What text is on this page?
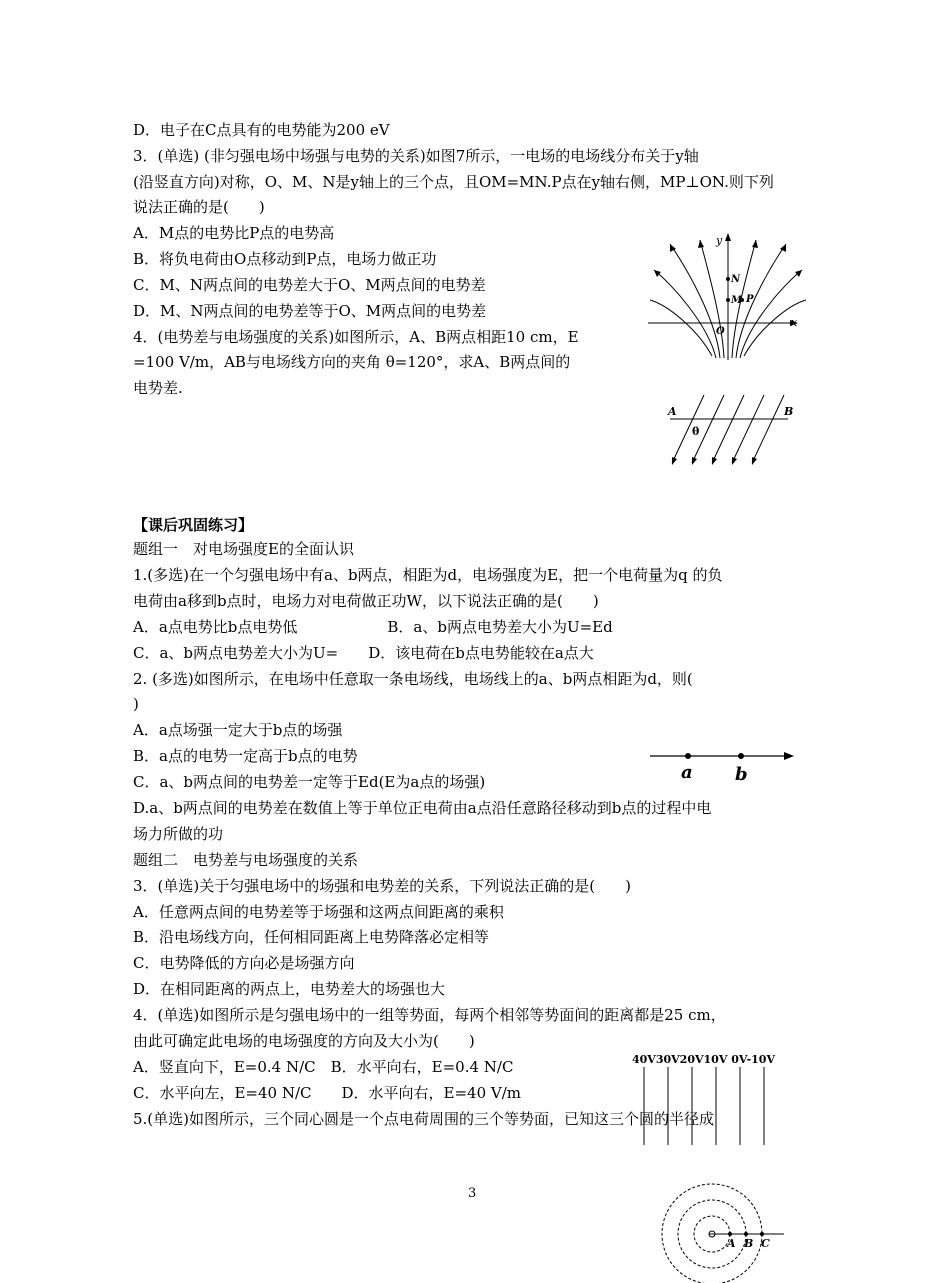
D．电子在C点具有的电势能为200 eV
3．(单选) (非匀强电场中场强与电势的关系)如图7所示，一电场的电场线分布关于y轴
(沿竖直方向)对称，O、M、N是y轴上的三个点，且OM=MN.P点在y轴右侧，MP⊥ON.则下列
说法正确的是(　　)
A．M点的电势比P点的电势高
B．将负电荷由O点移动到P点，电场力做正功
C．M、N两点间的电势差大于O、M两点间的电势差
D．M、N两点间的电势差等于O、M两点间的电势差
4．(电势差与电场强度的关系)如图所示，A、B两点相距10 cm，E
=100 V/m，AB与电场线方向的夹角 θ=120°，求A、B两点间的
电势差.
【课后巩固练习】
题组一　对电场强度E的全面认识
1.(多选)在一个匀强电场中有a、b两点，相距为d，电场强度为E，把一个电荷量为q 的负
电荷由a移到b点时，电场力对电荷做正功W，以下说法正确的是(　　)
A．a点电势比b点电势低　　　　　　B．a、b两点电势差大小为U=Ed
C．a、b两点电势差大小为U=　　D．该电荷在b点电势能较在a点大
2. (多选)如图所示，在电场中任意取一条电场线，电场线上的a、b两点相距为d，则(
)
A．a点场强一定大于b点的场强
B．a点的电势一定高于b点的电势
C．a、b两点间的电势差一定等于Ed(E为a点的场强)
D.a、b两点间的电势差在数值上等于单位正电荷由a点沿任意路径移动到b点的过程中电
场力所做的功
题组二　电势差与电场强度的关系
3．(单选)关于匀强电场中的场强和电势差的关系，下列说法正确的是(　　)
A．任意两点间的电势差等于场强和这两点间距离的乘积
B．沿电场线方向，任何相同距离上电势降落必定相等
C．电势降低的方向必是场强方向
D．在相同距离的两点上，电势差大的场强也大
4．(单选)如图所示是匀强电场中的一组等势面，每两个相邻等势面间的距离都是25 cm，
由此可确定此电场的电场强度的方向及大小为(　　)
A．竖直向下，E=0.4 N/C　B．水平向右，E=0.4 N/C
C．水平向左，E=40 N/C　　D．水平向右，E=40 V/m
5.(单选)如图所示，三个同心圆是一个点电荷周围的三个等势面，已知这三个圆的半径成
3
y
x
N
M P
O
A	B
θ
a b
40V30V20V10V 0V-10V
A B C
